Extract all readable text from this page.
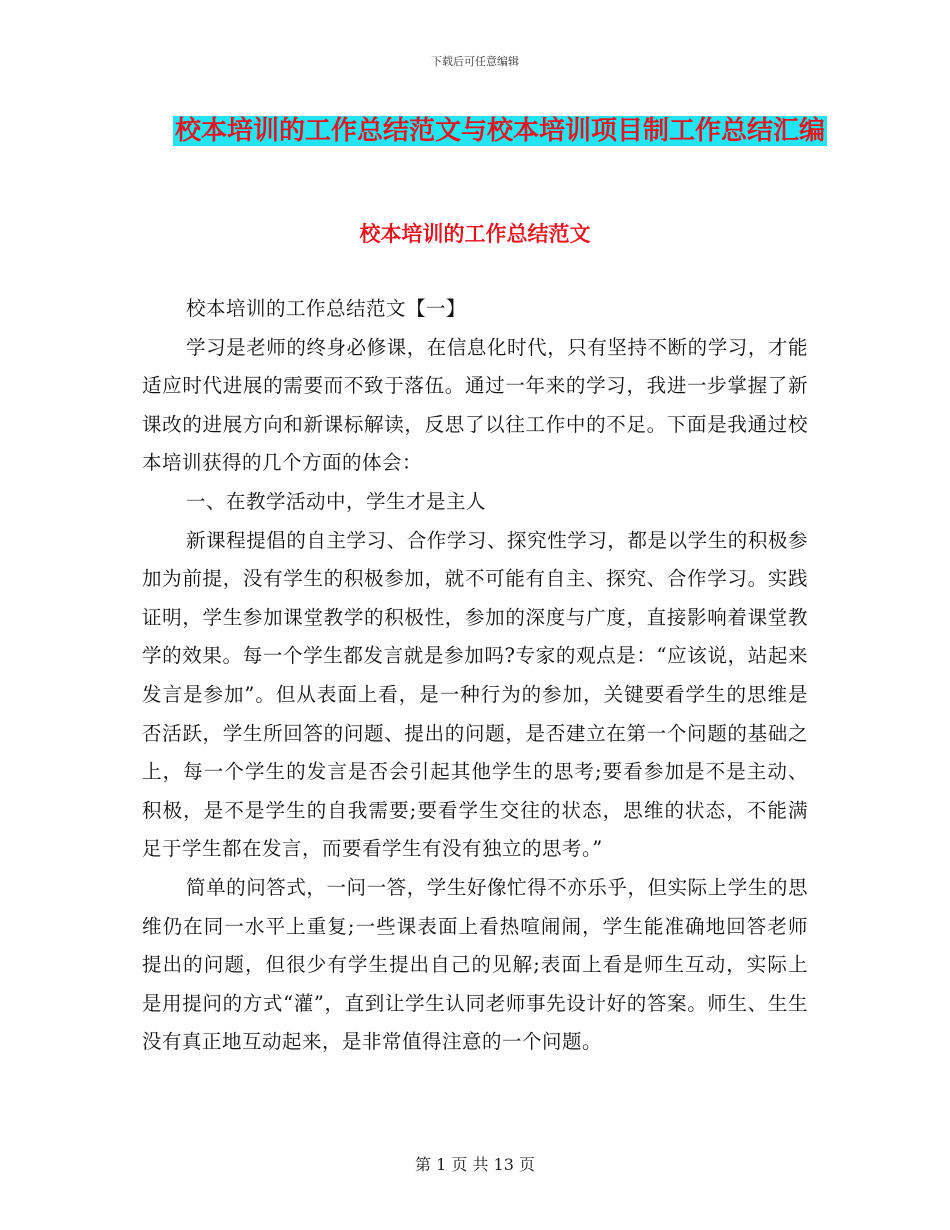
下载后可任意编辑
校本培训的工作总结范文与校本培训项目制工作总结汇编
校本培训的工作总结范文

校本培训的工作总结范文【一】

学习是老师的终身必修课，在信息化时代，只有坚持不断的学习，才能适应时代进展的需要而不致于落伍。通过一年来的学习，我进一步掌握了新课改的进展方向和新课标解读，反思了以往工作中的不足。下面是我通过校本培训获得的几个方面的体会：

一、在教学活动中，学生才是主人

新课程提倡的自主学习、合作学习、探究性学习，都是以学生的积极参加为前提，没有学生的积极参加，就不可能有自主、探究、合作学习。实践证明，学生参加课堂教学的积极性，参加的深度与广度，直接影响着课堂教学的效果。每一个学生都发言就是参加吗?专家的观点是：“应该说，站起来发言是参加”。但从表面上看，是一种行为的参加，关键要看学生的思维是否活跃，学生所回答的问题、提出的问题，是否建立在第一个问题的基础之上，每一个学生的发言是否会引起其他学生的思考;要看参加是不是主动、积极，是不是学生的自我需要;要看学生交往的状态，思维的状态，不能满足于学生都在发言，而要看学生有没有独立的思考。”

简单的问答式，一问一答，学生好像忙得不亦乐乎，但实际上学生的思维仍在同一水平上重复;一些课表面上看热喧闹闹，学生能准确地回答老师提出的问题，但很少有学生提出自己的见解;表面上看是师生互动，实际上是用提问的方式“灌”，直到让学生认同老师事先设计好的答案。师生、生生没有真正地互动起来，是非常值得注意的一个问题。

第 1 页 共 13 页
